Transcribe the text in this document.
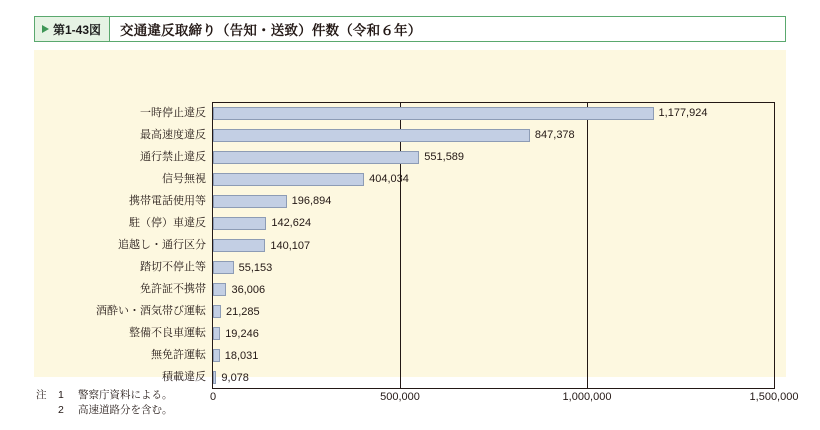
第1-43図	交通違反取締り（告知・送致）件数（令和６年）
一時停止違反
最高速度違反
通行禁止違反
信号無視
携帯電話使用等
駐（停）車違反
追越し・通行区分
踏切不停止等
免許証不携帯
酒酔い・酒気帯び運転
整備不良車運転
無免許運転
積載違反
1,177,924
847,378
551,589
404,034
196,894
142,624
140,107
55,153
36,006
21,285
19,246
18,031
9,078
0	500,000	1,000,000	1,500,000
注	1	警察庁資料による。
2	高速道路分を含む。
